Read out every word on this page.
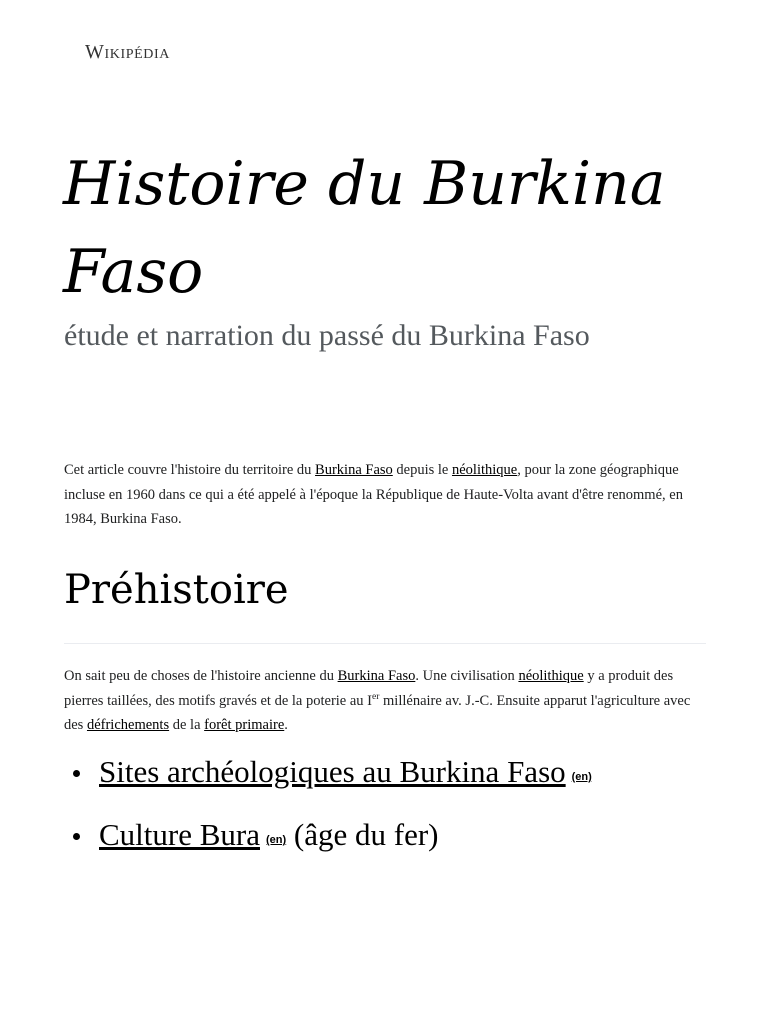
Wikipédia
Histoire du Burkina Faso
étude et narration du passé du Burkina Faso

Cet article couvre l'histoire du territoire du Burkina Faso depuis le néolithique, pour la zone géographique incluse en 1960 dans ce qui a été appelé à l'époque la République de Haute-Volta avant d'être renommé, en 1984, Burkina Faso.

Préhistoire

On sait peu de choses de l'histoire ancienne du Burkina Faso. Une civilisation néolithique y a produit des pierres taillées, des motifs gravés et de la poterie au Ier millénaire av. J.-C. Ensuite apparut l'agriculture avec des défrichements de la forêt primaire.

Sites archéologiques au Burkina Faso (en)
Culture Bura (en) (âge du fer)
